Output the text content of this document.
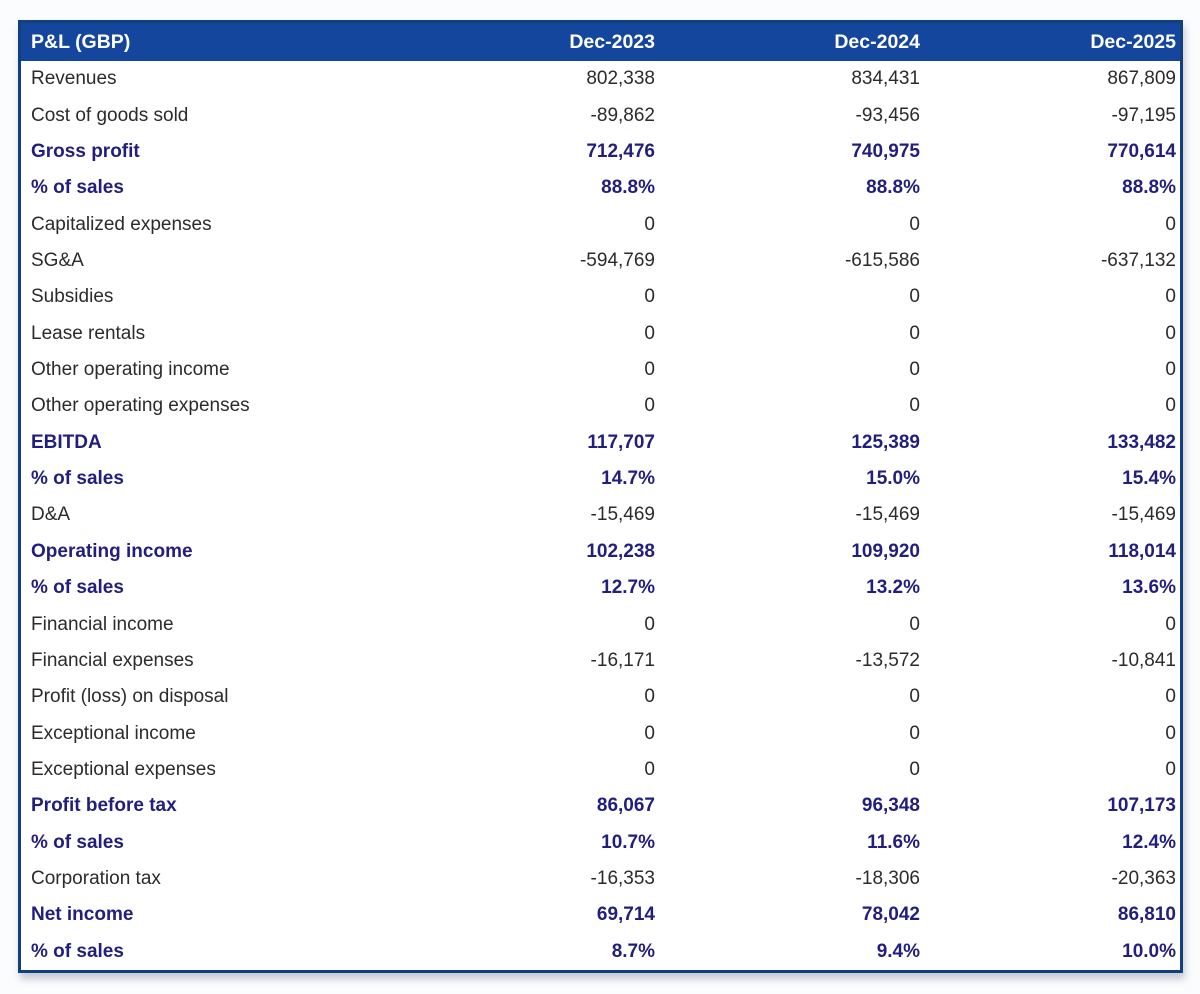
P&L (GBP)	Dec-2023	Dec-2024	Dec-2025
Revenues	802,338	834,431	867,809
Cost of goods sold	-89,862	-93,456	-97,195
Gross profit	712,476	740,975	770,614
% of sales	88.8%	88.8%	88.8%
Capitalized expenses	0	0	0
SG&A	-594,769	-615,586	-637,132
Subsidies	0	0	0
Lease rentals	0	0	0
Other operating income	0	0	0
Other operating expenses	0	0	0
EBITDA	117,707	125,389	133,482
% of sales	14.7%	15.0%	15.4%
D&A	-15,469	-15,469	-15,469
Operating income	102,238	109,920	118,014
% of sales	12.7%	13.2%	13.6%
Financial income	0	0	0
Financial expenses	-16,171	-13,572	-10,841
Profit (loss) on disposal	0	0	0
Exceptional income	0	0	0
Exceptional expenses	0	0	0
Profit before tax	86,067	96,348	107,173
% of sales	10.7%	11.6%	12.4%
Corporation tax	-16,353	-18,306	-20,363
Net income	69,714	78,042	86,810
% of sales	8.7%	9.4%	10.0%
